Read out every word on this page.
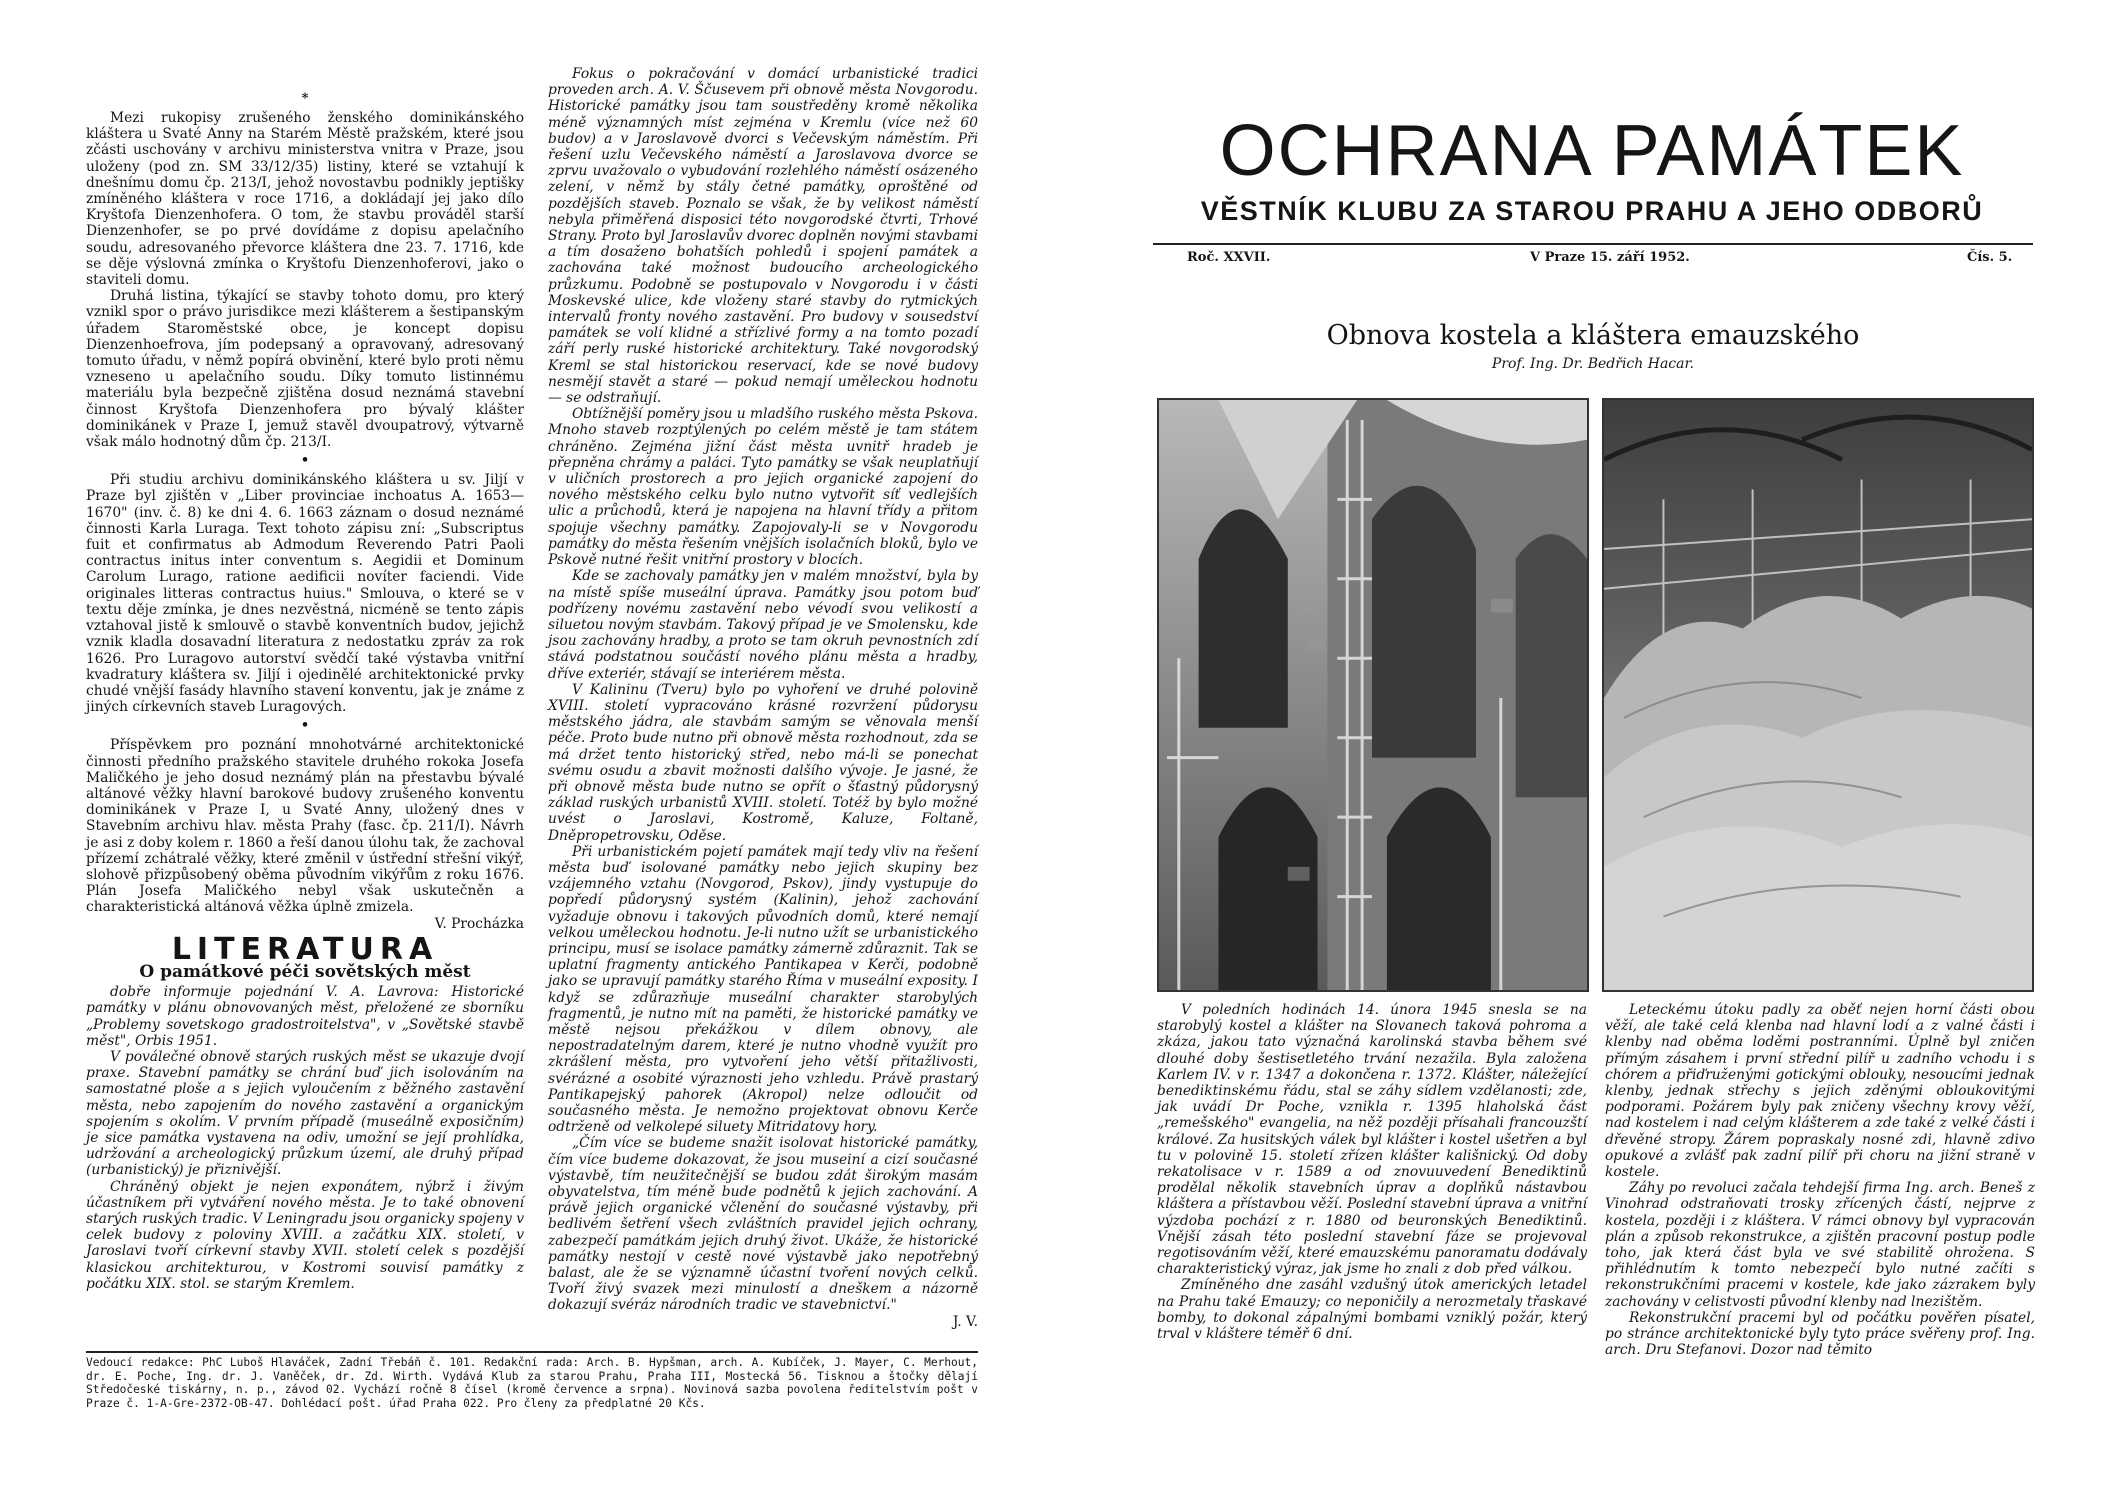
*

Mezi rukopisy zrušeného ženského dominikánského kláštera u Svaté Anny na Starém Městě pražském, které jsou zčásti uschovány v archivu ministerstva vnitra v Praze, jsou uloženy (pod zn. SM 33/12/35) listiny, které se vztahují k dnešnímu domu čp. 213/I, jehož novostavbu podnikly jeptišky zmíněného kláštera v roce 1716, a dokládají jej jako dílo Kryštofa Dienzenhofera. O tom, že stavbu prováděl starší Dienzenhofer, se po prvé dovídáme z dopisu apelačního soudu, adresovaného převorce kláštera dne 23. 7. 1716, kde se děje výslovná zmínka o Kryštofu Dienzenhoferovi, jako o staviteli domu.

Druhá listina, týkající se stavby tohoto domu, pro který vznikl spor o právo jurisdikce mezi klášterem a šestipanským úřadem Staroměstské obce, je koncept dopisu Dienzenhoefrova, jím podepsaný a opravovaný, adresovaný tomuto úřadu, v němž popírá obvinění, které bylo proti němu vzneseno u apelačního soudu. Díky tomuto listinnému materiálu byla bezpečně zjištěna dosud neznámá stavební činnost Kryštofa Dienzenhofera pro bývalý klášter dominikánek v Praze I, jemuž stavěl dvoupatrový, výtvarně však málo hodnotný dům čp. 213/I.

•

Při studiu archivu dominikánského kláštera u sv. Jiljí v Praze byl zjištěn v „Liber provinciae inchoatus A. 1653—1670" (inv. č. 8) ke dni 4. 6. 1663 záznam o dosud neznámé činnosti Karla Luraga. Text tohoto zápisu zní: „Subscriptus fuit et confirmatus ab Admodum Reverendo Patri Paoli contractus initus inter conventum s. Aegidii et Dominum Carolum Lurago, ratione aedificii novíter faciendi. Vide originales litteras contractus huius." Smlouva, o které se v textu děje zmínka, je dnes nezvěstná, nicméně se tento zápis vztahoval jistě k smlouvě o stavbě konventních budov, jejichž vznik kladla dosavadní literatura z nedostatku zpráv za rok 1626. Pro Luragovo autorství svědčí také výstavba vnitřní kvadratury kláštera sv. Jiljí i ojedinělé architektonické prvky chudé vnější fasády hlavního stavení konventu, jak je známe z jiných církevních staveb Luragových.

•

Příspěvkem pro poznání mnohotvárné architektonické činnosti předního pražského stavitele druhého rokoka Josefa Maličkého je jeho dosud neznámý plán na přestavbu bývalé altánové věžky hlavní barokové budovy zrušeného konventu dominikánek v Praze I, u Svaté Anny, uložený dnes v Stavebním archivu hlav. města Prahy (fasc. čp. 211/I). Návrh je asi z doby kolem r. 1860 a řeší danou úlohu tak, že zachoval přízemí zchátralé věžky, které změnil v ústřední střešní vikýř, slohově přizpůsobený oběma původním vikýřům z roku 1676. Plán Josefa Maličkého nebyl však uskutečněn a charakteristická altánová věžka úplně zmizela.

V. Procházka

LITERATURA
O památkové péči sovětských měst

dobře informuje pojednání V. A. Lavrova: Historické památky v plánu obnovovaných měst, přeložené ze sborníku „Problemy sovetskogo gradostroitelstva", v „Sovětské stavbě měst", Orbis 1951.

V poválečné obnově starých ruských měst se ukazuje dvojí praxe. Stavební památky se chrání buď jich isolováním na samostatné ploše a s jejich vyloučením z běžného zastavění města, nebo zapojením do nového zastavění a organickým spojením s okolím. V prvním případě (museálně exposičním) je sice památka vystavena na odiv, umožní se její prohlídka, udržování a archeologický průzkum území, ale druhý případ (urbanistický) je přiznivější.

Chráněný objekt je nejen exponátem, nýbrž i živým účastníkem při vytváření nového města. Je to také obnovení starých ruských tradic. V Leningradu jsou organicky spojeny v celek budovy z poloviny XVIII. a začátku XIX. století, v Jaroslavi tvoří církevní stavby XVII. století celek s pozdější klasickou architekturou, v Kostromi souvisí památky z počátku XIX. stol. se starým Kremlem.

Fokus o pokračování v domácí urbanistické tradici proveden arch. A. V. Ščusevem při obnově města Novgorodu. Historické památky jsou tam soustředěny kromě několika méně významných míst zejména v Kremlu (více než 60 budov) a v Jaroslavově dvorci s Večevským náměstím. Při řešení uzlu Večevského náměstí a Jaroslavova dvorce se zprvu uvažovalo o vybudování rozlehlého náměstí osázeného zelení, v němž by stály četné památky, oproštěné od pozdějších staveb. Poznalo se však, že by velikost náměstí nebyla přiměřená disposici této novgorodské čtvrti, Trhové Strany. Proto byl Jaroslavův dvorec doplněn novými stavbami a tím dosaženo bohatších pohledů i spojení památek a zachována také možnost budoucího archeologického průzkumu. Podobně se postupovalo v Novgorodu i v části Moskevské ulice, kde vloženy staré stavby do rytmických intervalů fronty nového zastavění. Pro budovy v sousedství památek se volí klidné a střízlivé formy a na tomto pozadí září perly ruské historické architektury. Také novgorodský Kreml se stal historickou reservací, kde se nové budovy nesmějí stavět a staré — pokud nemají uměleckou hodnotu — se odstraňují.

Obtížnější poměry jsou u mladšího ruského města Pskova. Mnoho staveb rozptýlených po celém městě je tam státem chráněno. Zejména jižní část města uvnitř hradeb je přepněna chrámy a paláci. Tyto památky se však neuplatňují v uličních prostorech a pro jejich organické zapojení do nového městského celku bylo nutno vytvořit síť vedlejších ulic a průchodů, která je napojena na hlavní třídy a přitom spojuje všechny památky. Zapojovaly-li se v Novgorodu památky do města řešením vnějších isolačních bloků, bylo ve Pskově nutné řešit vnitřní prostory v blocích.

Kde se zachovaly památky jen v malém množství, byla by na místě spíše museální úprava. Památky jsou potom buď podřízeny novému zastavění nebo vévodí svou velikostí a siluetou novým stavbám. Takový případ je ve Smolensku, kde jsou zachovány hradby, a proto se tam okruh pevnostních zdí stává podstatnou součástí nového plánu města a hradby, dříve exteriér, stávají se interiérem města.

V Kalininu (Tveru) bylo po vyhoření ve druhé polovině XVIII. století vypracováno krásné rozvržení půdorysu městského jádra, ale stavbám samým se věnovala menší péče. Proto bude nutno při obnově města rozhodnout, zda se má držet tento historický střed, nebo má-li se ponechat svému osudu a zbavit možnosti dalšího vývoje. Je jasné, že při obnově města bude nutno se opřít o šťastný půdorysný základ ruských urbanistů XVIII. století. Totéž by bylo možné uvést o Jaroslavi, Kostromě, Kaluze, Foltaně, Dněpropetrovsku, Oděse.

Při urbanistickém pojetí památek mají tedy vliv na řešení města buď isolované památky nebo jejich skupiny bez vzájemného vztahu (Novgorod, Pskov), jindy vystupuje do popředí půdorysný systém (Kalinin), jehož zachování vyžaduje obnovu i takových původních domů, které nemají velkou uměleckou hodnotu. Je-li nutno užít se urbanistického principu, musí se isolace památky zámerně zdůraznit. Tak se uplatní fragmenty antického Pantikapea v Kerči, podobně jako se upravují památky starého Říma v museální exposity. I když se zdůrazňuje museální charakter starobylých fragmentů, je nutno mít na paměti, že historické památky ve městě nejsou překážkou v dílem obnovy, ale nepostradatelným darem, které je nutno vhodně využít pro zkrášlení města, pro vytvoření jeho větší přitažlivosti, svérázné a osobité výraznosti jeho vzhledu. Právě prastarý Pantikapejský pahorek (Akropol) nelze odloučit od současného města. Je nemožno projektovat obnovu Kerče odtrženě od velkolepé siluety Mitridatovy hory.

„Čím více se budeme snažit isolovat historické památky, čím více budeme dokazovat, že jsou museiní a cizí současné výstavbě, tím neužitečnější se budou zdát širokým masám obyvatelstva, tím méně bude podnětů k jejich zachování. A právě jejich organické včlenění do současné výstavby, při bedlivém šetření všech zvláštních pravidel jejich ochrany, zabezpečí památkám jejich druhý život. Ukáže, že historické památky nestojí v cestě nové výstavbě jako nepotřebný balast, ale že se významně účastní tvoření nových celků. Tvoří živý svazek mezi minulostí a dneškem a názorně dokazují svéráz národních tradic ve stavebnictví."

J. V.

Vedoucí redakce: PhC Luboš Hlaváček, Zadní Třebáň č. 101. Redakční rada: Arch. B. Hypšman, arch. A. Kubíček, J. Mayer, C. Merhout, dr. E. Poche, Ing. dr. J. Vaněček, dr. Zd. Wirth. Vydává Klub za starou Prahu, Praha III, Mostecká 56. Tisknou a štočky dělají Středočeské tiskárny, n. p., závod 02. Vychází ročně 8 čísel (kromě července a srpna). Novinová sazba povolena ředitelstvím pošt v Praze č. 1-A-Gre-2372-OB-47. Dohlédací pošt. úřad Praha 022. Pro členy za předplatné 20 Kčs.
OCHRANA PAMÁTEK
VĚSTNÍK KLUBU ZA STAROU PRAHU A JEHO ODBORŮ
Roč. XXVII.	V Praze 15. září 1952.	Čís. 5.
Obnova kostela a kláštera emauzského
Prof. Ing. Dr. Bedřich Hacar.

V poledních hodinách 14. února 1945 snesla se na starobylý kostel a klášter na Slovanech taková pohroma a zkáza, jakou tato význačná karolinská stavba během své dlouhé doby šestisetletého trvání nezažila. Byla založena Karlem IV. v r. 1347 a dokončena r. 1372. Klášter, náležející benediktinskému řádu, stal se záhy sídlem vzdělanosti; zde, jak uvádí Dr Poche, vznikla r. 1395 hlaholská část „remešského" evangelia, na něž později přísahali francouzští králové. Za husitských válek byl klášter i kostel ušetřen a byl tu v polovině 15. století zřízen klášter kališnický. Od doby rekatolisace v r. 1589 a od znovuuvedení Benediktinů prodělal několik stavebních úprav a doplňků nástavbou kláštera a přístavbou věží. Poslední stavební úprava a vnitřní výzdoba pochází z r. 1880 od beuronských Benediktinů. Vnější zásah této poslední stavební fáze se projevoval regotisováním věží, které emauzskému panoramatu dodávaly charakteristický výraz, jak jsme ho znali z dob před válkou.

Zmíněného dne zasáhl vzdušný útok amerických letadel na Prahu také Emauzy; co neponičily a nerozmetaly třaskavé bomby, to dokonal zápalnými bombami vzniklý požár, který trval v kláštere téměř 6 dní.

Leteckému útoku padly za oběť nejen horní části obou věží, ale také celá klenba nad hlavní lodí a z valné části i klenby nad oběma loděmi postranními. Úplně byl zničen přímým zásahem i první střední pilíř u zadního vchodu i s chórem a přiďruženými gotickými oblouky, nesoucími jednak klenby, jednak střechy s jejich zděnými obloukovitými podporami. Požárem byly pak zničeny všechny krovy věží, nad kostelem i nad celým klášterem a zde také z velké části i dřevěné stropy. Žárem popraskaly nosné zdi, hlavně zdivo opukové a zvlášť pak zadní pilíř při choru na jižní straně v kostele.

Záhy po revoluci začala tehdejší firma Ing. arch. Beneš z Vinohrad odstraňovati trosky zřícených částí, nejprve z kostela, později i z kláštera. V rámci obnovy byl vypracován plán a způsob rekonstrukce, a zjištěn pracovní postup podle toho, jak která část byla ve své stabilitě ohrožena. S přihlédnutím k tomto nebezpečí bylo nutné začíti s rekonstrukčními pracemi v kostele, kde jako zázrakem byly zachovány v celistvosti původní klenby nad lnezištěm.

Rekonstrukční pracemi byl od počátku pověřen písatel, po stránce architektonické byly tyto práce svěřeny prof. Ing. arch. Dru Stefanovi. Dozor nad těmito
